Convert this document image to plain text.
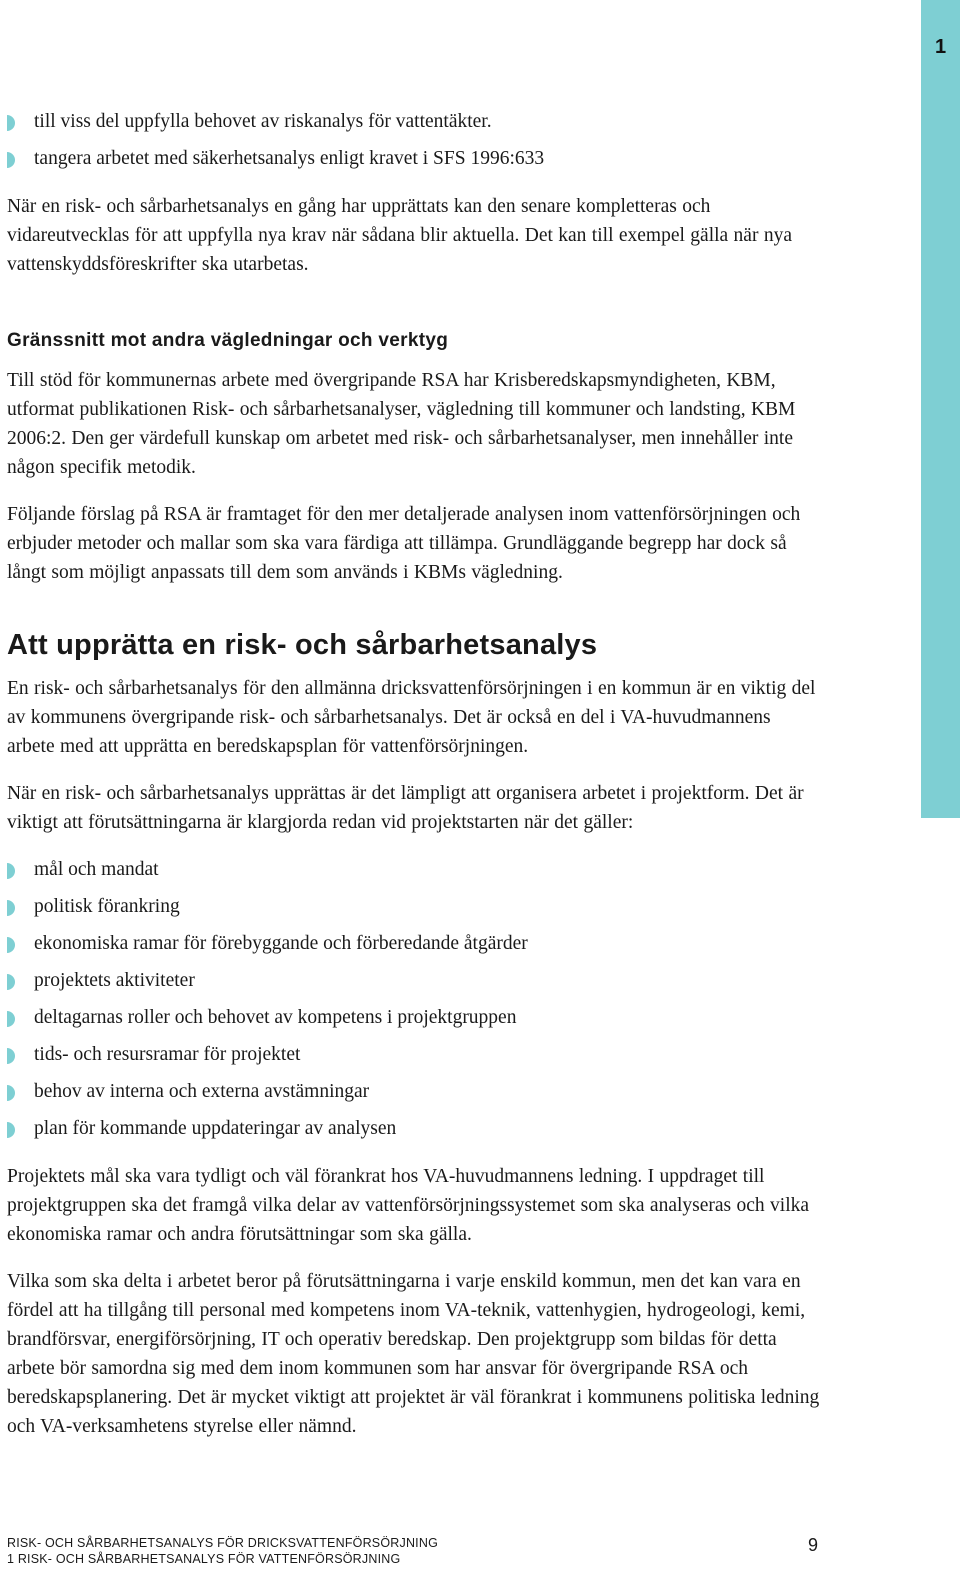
1
till viss del uppfylla behovet av riskanalys för vattentäkter.
tangera arbetet med säkerhetsanalys enligt kravet i SFS 1996:633

När en risk- och sårbarhetsanalys en gång har upprättats kan den senare kompletteras och vidareutvecklas för att uppfylla nya krav när sådana blir aktuella. Det kan till exempel gälla när nya vattenskyddsföreskrifter ska utarbetas.

Gränssnitt mot andra vägledningar och verktyg

Till stöd för kommunernas arbete med övergripande RSA har Krisberedskapsmyndigheten, KBM, utformat publikationen Risk- och sårbarhetsanalyser, vägledning till kommuner och landsting, KBM 2006:2. Den ger värdefull kunskap om arbetet med risk- och sårbarhetsanalyser, men innehåller inte någon specifik metodik.

Följande förslag på RSA är framtaget för den mer detaljerade analysen inom vattenförsörjningen och erbjuder metoder och mallar som ska vara färdiga att tillämpa. Grundläggande begrepp har dock så långt som möjligt anpassats till dem som används i KBMs vägledning.

Att upprätta en risk- och sårbarhetsanalys

En risk- och sårbarhetsanalys för den allmänna dricksvattenförsörjningen i en kommun är en viktig del av kommunens övergripande risk- och sårbarhetsanalys. Det är också en del i VA-huvudmannens arbete med att upprätta en beredskapsplan för vattenförsörjningen.

När en risk- och sårbarhetsanalys upprättas är det lämpligt att organisera arbetet i projektform. Det är viktigt att förutsättningarna är klargjorda redan vid projektstarten när det gäller:

mål och mandat
politisk förankring
ekonomiska ramar för förebyggande och förberedande åtgärder
projektets aktiviteter
deltagarnas roller och behovet av kompetens i projektgruppen
tids- och resursramar för projektet
behov av interna och externa avstämningar
plan för kommande uppdateringar av analysen

Projektets mål ska vara tydligt och väl förankrat hos VA-huvudmannens ledning. I uppdraget till projektgruppen ska det framgå vilka delar av vattenförsörjningssystemet som ska analyseras och vilka ekonomiska ramar och andra förutsättningar som ska gälla.

Vilka som ska delta i arbetet beror på förutsättningarna i varje enskild kommun, men det kan vara en fördel att ha tillgång till personal med kompetens inom VA-teknik, vattenhygien, hydrogeologi, kemi, brandförsvar, energiförsörjning, IT och operativ beredskap. Den projektgrupp som bildas för detta arbete bör samordna sig med dem inom kommunen som har ansvar för övergripande RSA och beredskapsplanering. Det är mycket viktigt att projektet är väl förankrat i kommunens politiska ledning och VA-verksamhetens styrelse eller nämnd.

RISK- OCH SÅRBARHETSANALYS FÖR DRICKSVATTENFÖRSÖRJNING
1 RISK- OCH SÅRBARHETSANALYS FÖR VATTENFÖRSÖRJNING
9
